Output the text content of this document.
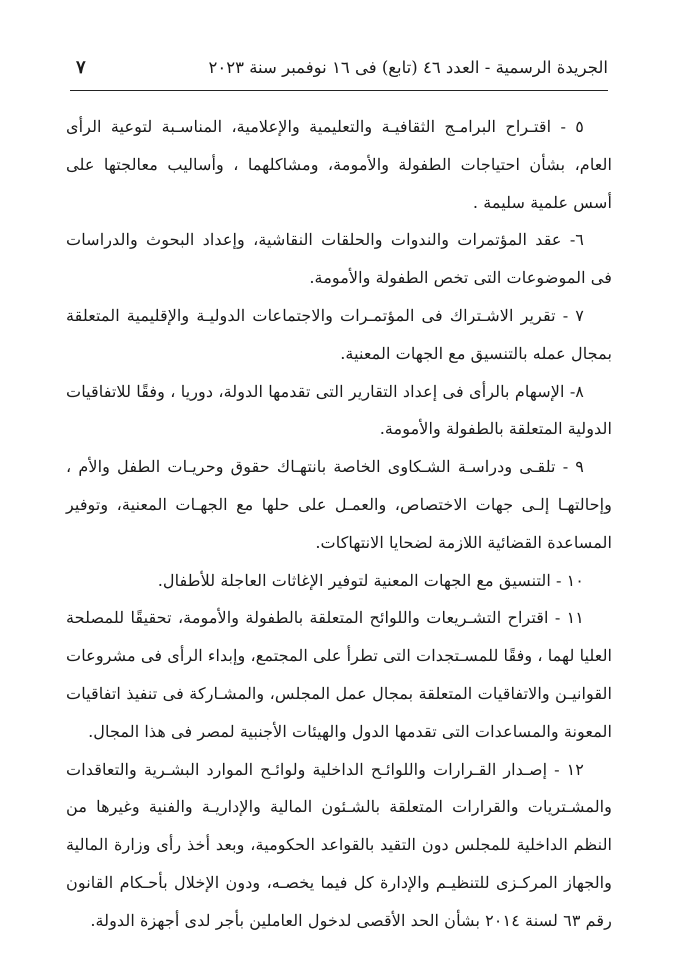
الجريدة الرسمية - العدد ٤٦ (تابع) فى ١٦ نوفمبر سنة ٢٠٢٣
٧

٥ - اقتـراح البرامـج الثقافيـة والتعليمية والإعلامية، المناسـبة لتوعية الرأى العام، بشأن احتياجات الطفولة والأمومة، ومشاكلهما ، وأساليب معالجتها على أسس علمية سليمة .

٦- عقد المؤتمرات والندوات والحلقات النقاشية، وإعداد البحوث والدراسات فى الموضوعات التى تخص الطفولة والأمومة.

٧ - تقرير الاشـتراك فى المؤتمـرات والاجتماعات الدوليـة والإقليمية المتعلقة بمجال عمله بالتنسيق مع الجهات المعنية.

٨- الإسهام بالرأى فى إعداد التقارير التى تقدمها الدولة، دوريا ، وفقًا للاتفاقيات الدولية المتعلقة بالطفولة والأمومة.

٩ - تلقـى ودراسـة الشـكاوى الخاصة بانتهـاك حقوق وحريـات الطفل والأم ، وإحالتهـا إلـى جهات الاختصاص، والعمـل على حلها مع الجهـات المعنية، وتوفير المساعدة القضائية اللازمة لضحايا الانتهاكات.

١٠ - التنسيق مع الجهات المعنية لتوفير الإغاثات العاجلة للأطفال.

١١ - اقتراح التشـريعات واللوائح المتعلقة بالطفولة والأمومة، تحقيقًا للمصلحة العليا لهما ، وفقًا للمسـتجدات التى تطرأ على المجتمع، وإبداء الرأى فى مشروعات القوانيـن والاتفاقيات المتعلقة بمجال عمل المجلس، والمشـاركة فى تنفيذ اتفاقيات المعونة والمساعدات التى تقدمها الدول والهيئات الأجنبية لمصر فى هذا المجال.

١٢ - إصـدار القـرارات واللوائـح الداخلية ولوائـح الموارد البشـرية والتعاقدات والمشـتريات والقرارات المتعلقة بالشـئون المالية والإداريـة والفنية وغيرها من النظم الداخلية للمجلس دون التقيد بالقواعد الحكومية، وبعد أخذ رأى وزارة المالية والجهاز المركـزى للتنظيـم والإدارة كل فيما يخصـه، ودون الإخلال بأحـكام القانون رقم ٦٣ لسنة ٢٠١٤ بشأن الحد الأقصى لدخول العاملين بأجر لدى أجهزة الدولة.
